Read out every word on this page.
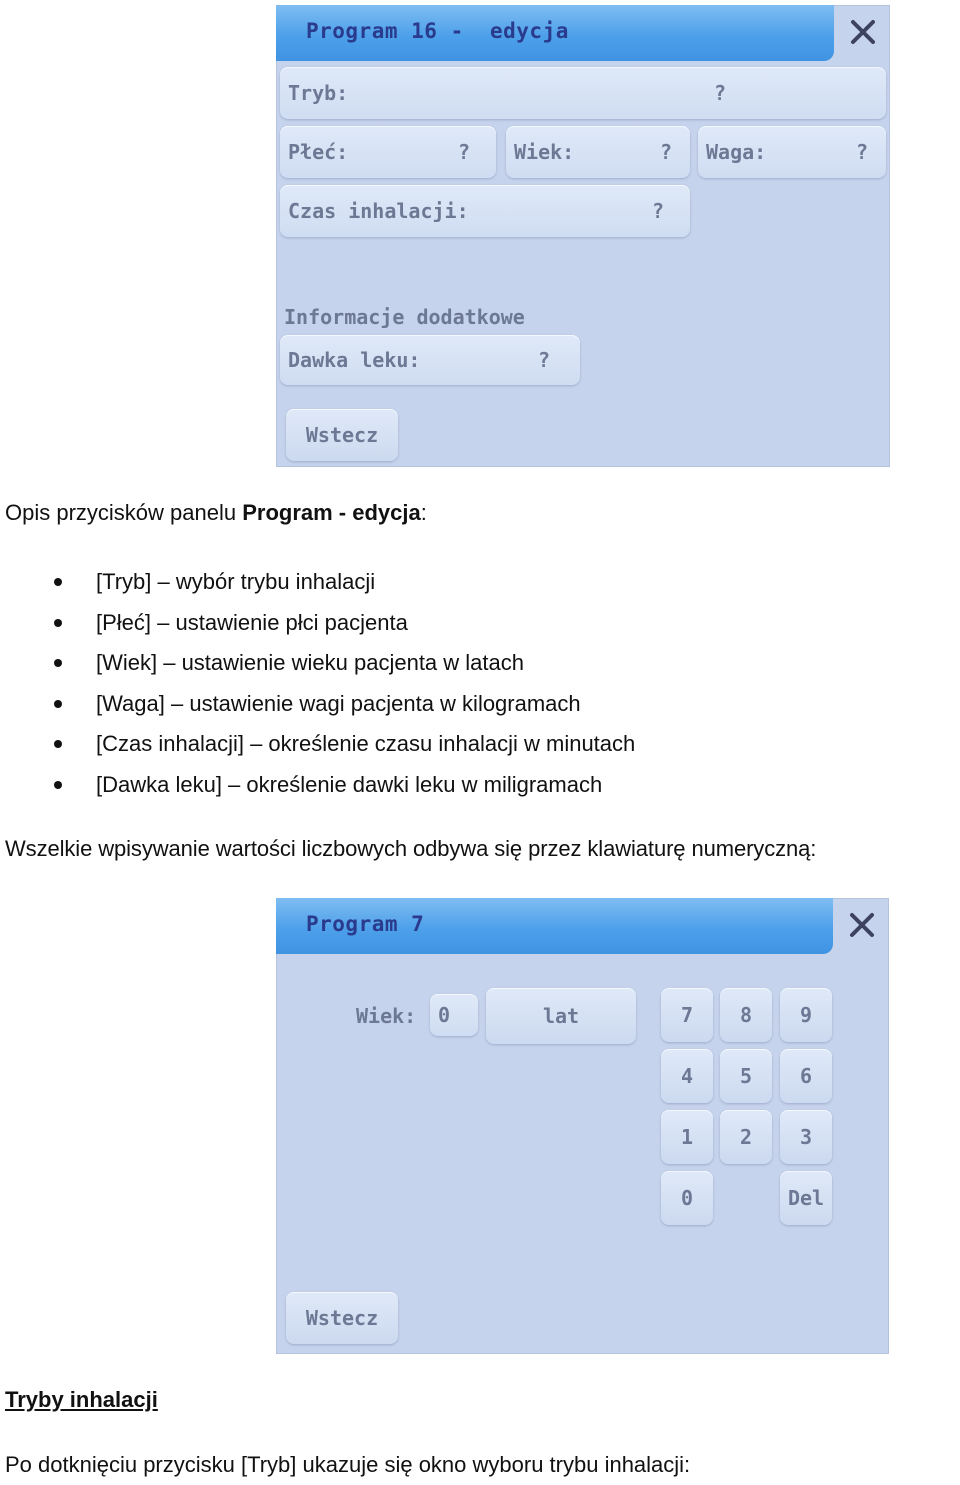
Program 16 -  edycja
Tryb:	?
Płeć:	? Wiek:	? Waga:	?
Czas inhalacji:	?
Informacje dodatkowe
Dawka leku:	?
Wstecz
Opis przycisków panelu Program - edycja:
[Tryb] – wybór trybu inhalacji
[Płeć] – ustawienie płci pacjenta
[Wiek] – ustawienie wieku pacjenta w latach
[Waga] – ustawienie wagi pacjenta w kilogramach
[Czas inhalacji] – określenie czasu inhalacji w minutach
[Dawka leku] – określenie dawki leku w miligramach
Wszelkie wpisywanie wartości liczbowych odbywa się przez klawiaturę numeryczną:
Program 7
Wiek: 0	lat	7 8 9
4 5 6
1 2 3
0	Del
Wstecz
Tryby inhalacji
Po dotknięciu przycisku [Tryb] ukazuje się okno wyboru trybu inhalacji:
